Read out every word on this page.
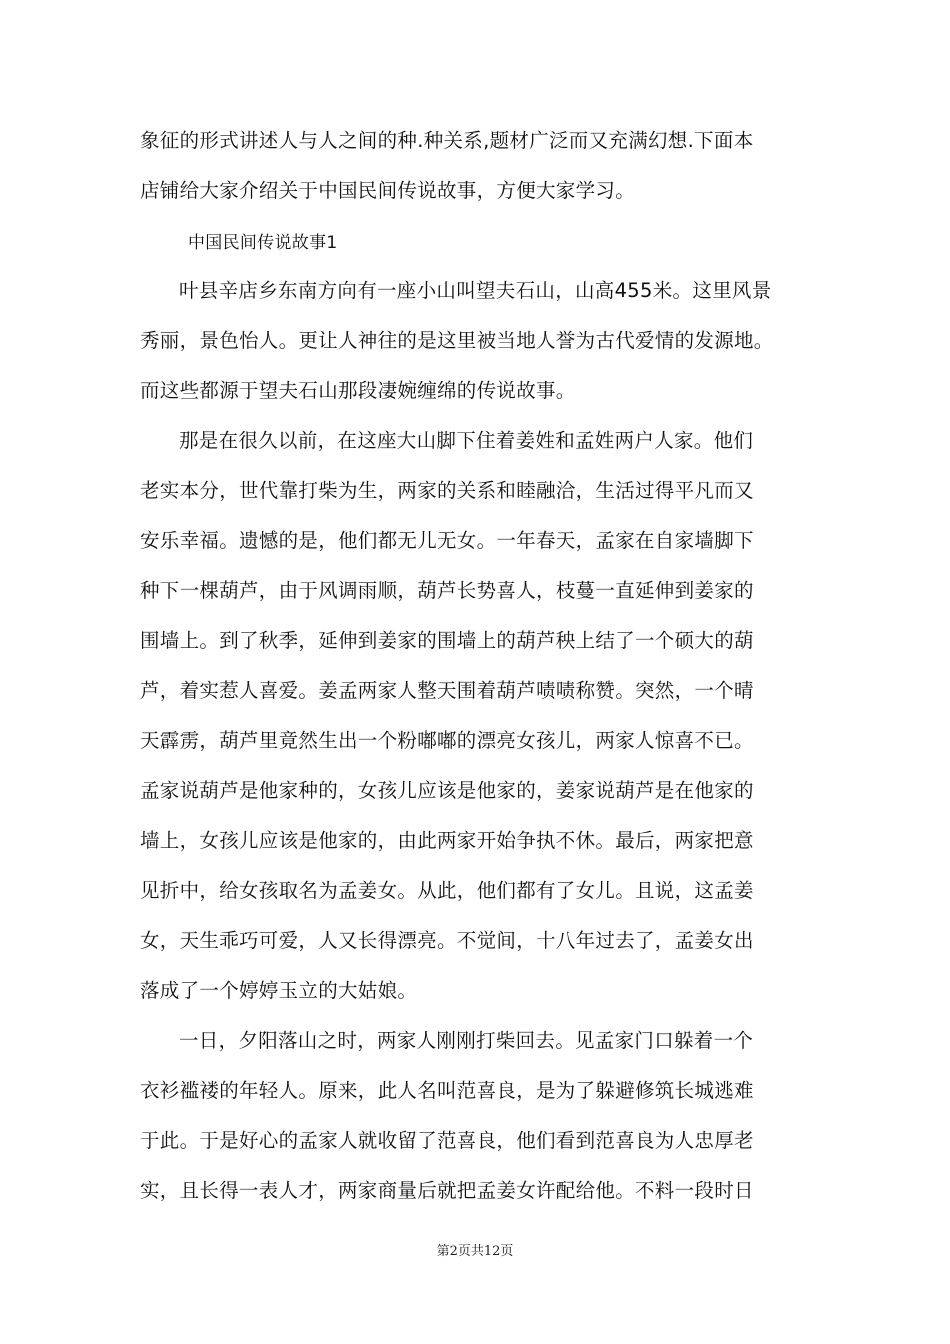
象征的形式讲述人与人之间的种.种关系,题材广泛而又充满幻想.下面本
店铺给大家介绍关于中国民间传说故事，方便大家学习。
中国民间传说故事1
叶县辛店乡东南方向有一座小山叫望夫石山，山高455米。这里风景
秀丽，景色怡人。更让人神往的是这里被当地人誉为古代爱情的发源地。
而这些都源于望夫石山那段凄婉缠绵的传说故事。
那是在很久以前，在这座大山脚下住着姜姓和孟姓两户人家。他们
老实本分，世代靠打柴为生，两家的关系和睦融洽，生活过得平凡而又
安乐幸福。遗憾的是，他们都无儿无女。一年春天，孟家在自家墙脚下
种下一棵葫芦，由于风调雨顺，葫芦长势喜人，枝蔓一直延伸到姜家的
围墙上。到了秋季，延伸到姜家的围墙上的葫芦秧上结了一个硕大的葫
芦，着实惹人喜爱。姜孟两家人整天围着葫芦啧啧称赞。突然，一个晴
天霹雳，葫芦里竟然生出一个粉嘟嘟的漂亮女孩儿，两家人惊喜不已。
孟家说葫芦是他家种的，女孩儿应该是他家的，姜家说葫芦是在他家的
墙上，女孩儿应该是他家的，由此两家开始争执不休。最后，两家把意
见折中，给女孩取名为孟姜女。从此，他们都有了女儿。且说，这孟姜
女，天生乖巧可爱，人又长得漂亮。不觉间，十八年过去了，孟姜女出
落成了一个婷婷玉立的大姑娘。
一日，夕阳落山之时，两家人刚刚打柴回去。见孟家门口躲着一个
衣衫褴褛的年轻人。原来，此人名叫范喜良，是为了躲避修筑长城逃难
于此。于是好心的孟家人就收留了范喜良，他们看到范喜良为人忠厚老
实，且长得一表人才，两家商量后就把孟姜女许配给他。不料一段时日
第2页共12页
